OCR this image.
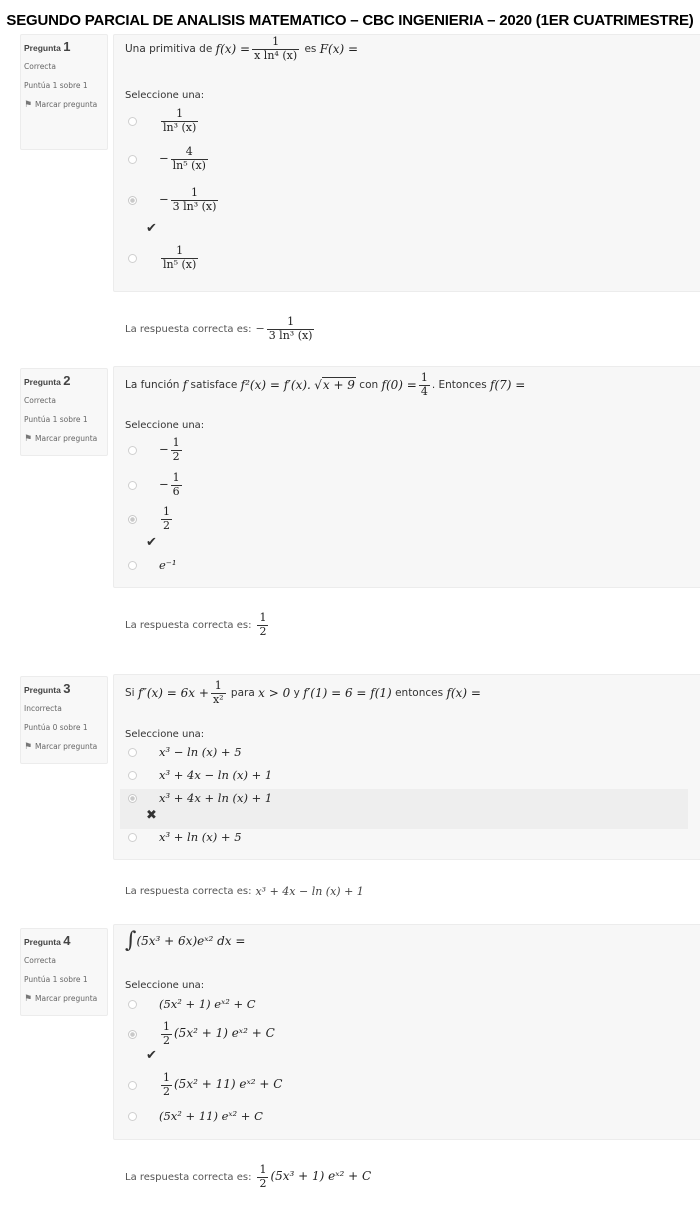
SEGUNDO PARCIAL DE ANALISIS MATEMATICO – CBC INGENIERIA – 2020 (1ER CUATRIMESTRE)
Pregunta 1
Correcta
Puntúa 1 sobre 1
⚑ Marcar pregunta
Una primitiva de
$f(x) = \frac{1}{\text{x ln⁴ (x)}}$
es
F(x) =
Seleccione una:
$\frac{1}{\text{ln³ (x)}}$
− $\frac{4}{\text{ln⁵ (x)}}$
− $\frac{1}{\text{3 ln³ (x)}}$
✔
$\frac{1}{\text{ln⁵ (x)}}$
La respuesta correcta es: − $\frac{1}{\text{3 ln³ (x)}}$
Pregunta 2
Correcta
Puntúa 1 sobre 1
⚑ Marcar pregunta
La función
f
satisface
f²(x) = f′(x).
√x + 9
con
$f(0) = \frac{1}{4}$ . Entonces
f(7) =
Seleccione una:
− $\frac{1}{2}$
− $\frac{1}{6}$
$\frac{1}{2}$
✔
e⁻¹
La respuesta correcta es: $\frac{1}{2}$
Pregunta 3
Incorrecta
Puntúa 0 sobre 1
⚑ Marcar pregunta
Si
$f''(x) = 6x + \frac{1}{\text{x²}}$
para
x > 0
y
f′(1) = 6 = f(1)
entonces
f(x) =
Seleccione una:
x³ − ln (x) + 5
x³ + 4x − ln (x) + 1
x³ + 4x + ln (x) + 1
✖
x³ + ln (x) + 5
La respuesta correcta es: x³ + 4x − ln (x) + 1
Pregunta 4
Correcta
Puntúa 1 sobre 1
⚑ Marcar pregunta
∫ (5x³ + 6x)eˣ² dx =
Seleccione una:
(5x² + 1) eˣ² + C
$\frac{1}{2} (5x^2 + 1)$ eˣ² + C
✔
$\frac{1}{2} (5x^2 + 11)$ eˣ² + C
(5x² + 11) eˣ² + C
La respuesta correcta es: $\frac{1}{2} (5x^3 + 1)$ eˣ² + C
